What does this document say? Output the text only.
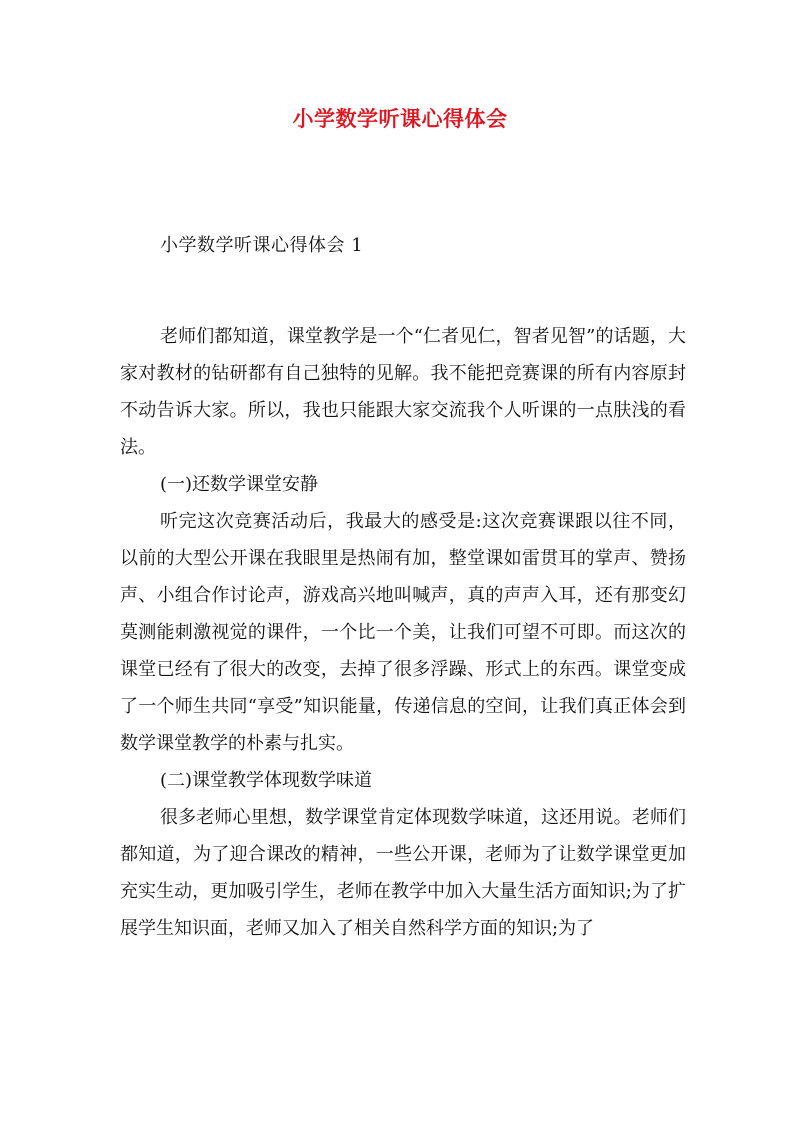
小学数学听课心得体会
小学数学听课心得体会 1

老师们都知道，课堂教学是一个“仁者见仁，智者见智”的话题，大家对教材的钻研都有自己独特的见解。我不能把竞赛课的所有内容原封不动告诉大家。所以，我也只能跟大家交流我个人听课的一点肤浅的看法。

(一)还数学课堂安静

听完这次竞赛活动后，我最大的感受是:这次竞赛课跟以往不同，以前的大型公开课在我眼里是热闹有加，整堂课如雷贯耳的掌声、赞扬声、小组合作讨论声，游戏高兴地叫喊声，真的声声入耳，还有那变幻莫测能刺激视觉的课件，一个比一个美，让我们可望不可即。而这次的课堂已经有了很大的改变，去掉了很多浮躁、形式上的东西。课堂变成了一个师生共同“享受”知识能量，传递信息的空间，让我们真正体会到数学课堂教学的朴素与扎实。

(二)课堂教学体现数学味道

很多老师心里想，数学课堂肯定体现数学味道，这还用说。老师们都知道，为了迎合课改的精神，一些公开课，老师为了让数学课堂更加充实生动，更加吸引学生，老师在教学中加入大量生活方面知识;为了扩展学生知识面，老师又加入了相关自然科学方面的知识;为了
